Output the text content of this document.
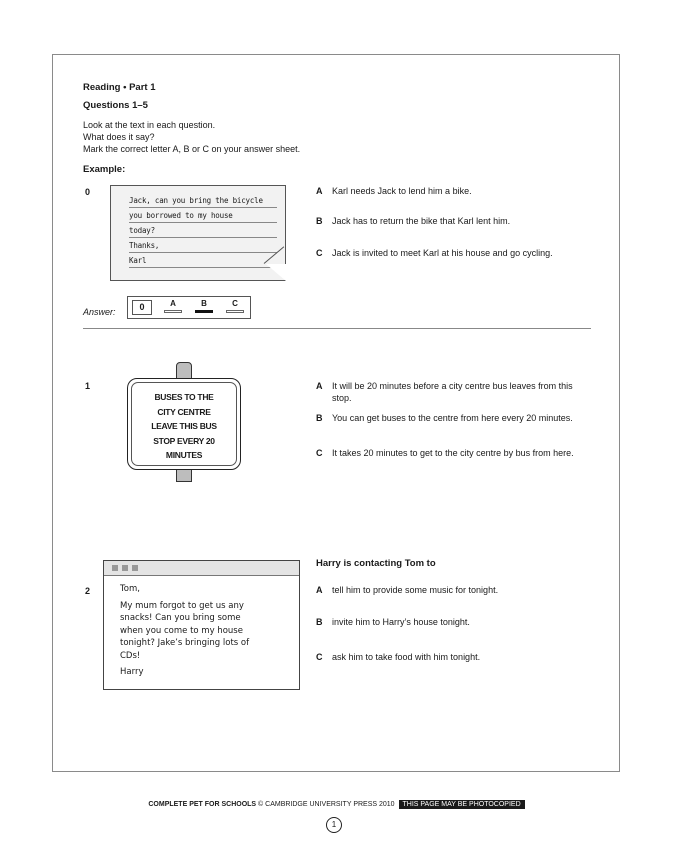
Reading • Part 1
Questions 1–5
Look at the text in each question.
What does it say?
Mark the correct letter A, B or C on your answer sheet.
Example:
0
Jack, can you bring the bicycle
you borrowed to my house
today?
Thanks,
Karl
A Karl needs Jack to lend him a bike.
B Jack has to return the bike that Karl lent him.
C Jack is invited to meet Karl at his house and go cycling.
Answer:	0	A	B	C
1
BUSES TO THE
CITY CENTRE
LEAVE THIS BUS
STOP EVERY 20
MINUTES
A It will be 20 minutes before a city centre bus leaves from this stop.
B You can get buses to the centre from here every 20 minutes.
C It takes 20 minutes to get to the city centre by bus from here.
2	Tom,
My mum forgot to get us any
snacks! Can you bring some
when you come to my house
tonight? Jake’s bringing lots of
CDs!
Harry
Harry is contacting Tom to
A tell him to provide some music for tonight.
B invite him to Harry’s house tonight.
C ask him to take food with him tonight.
COMPLETE PET FOR SCHOOLS © CAMBRIDGE UNIVERSITY PRESS 2010 THIS PAGE MAY BE PHOTOCOPIED
1
